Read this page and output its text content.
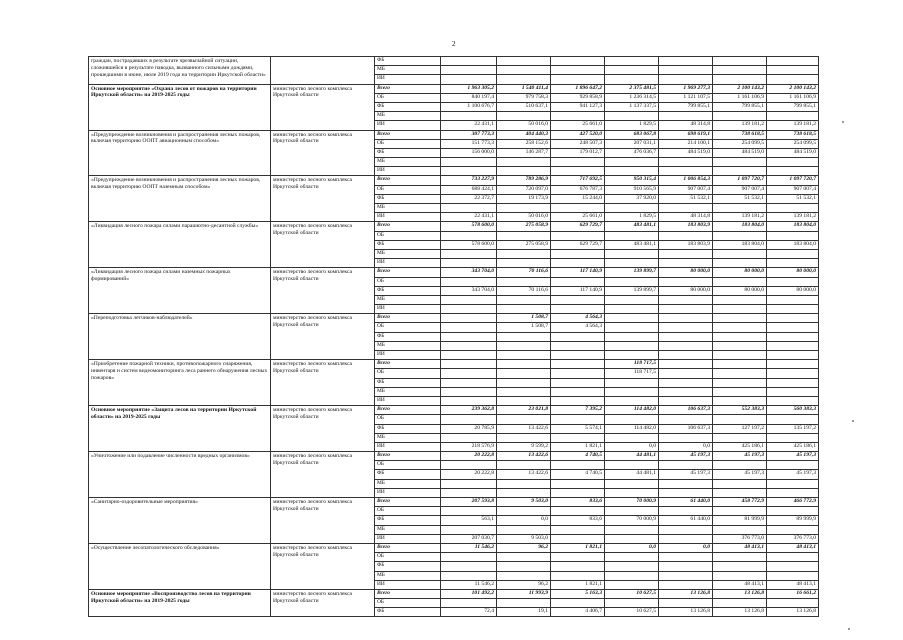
2
граждан, пострадавших в результате чрезвычайной ситуации, сложившейся в результате паводка, вызванного сильными дождями, прошедшими в июне, июле 2019 года на территории Иркутской области»		ФБ							
		МБ							
		ИИ							
Основное мероприятие «Охрана лесов от пожаров на территории Иркутской области» на 2019-2025 годы	министерство лесного комплекса Иркутской области	Всего	1 963 305,2	1 540 411,4	1 896 647,2	2 375 481,5	1 969 277,3	2 100 143,2	2 100 143,2
		ОБ	840 197,4	979 758,3	929 858,9	1 236 314,5	1 121 107,5	1 161 106,9	1 161 106,9
		ФБ	1 100 676,7	510 637,1	941 127,3	1 137 337,5	799 855,1	799 855,1	799 855,1
		МБ							
		ИИ	22 431,1	50 016,0	25 661,0	1 829,5	48 314,8	139 181,2	139 181,2
«Предупреждение возникновения и распространения лесных пожаров, включая территорию ООПТ авиационным способом»	министерство лесного комплекса Иркутской области	Всего	307 773,3	404 440,3	427 520,0	683 067,8	698 619,1	738 618,5	738 618,5
		ОБ	151 773,3	258 152,6	248 507,3	207 031,1	214 100,1	254 099,5	254 099,5
		ФБ	156 000,0	146 287,7	179 012,7	476 036,7	484 519,0	484 519,0	484 519,0
		МБ							
		ИИ							
«Предупреждение возникновения и распространения лесных пожаров, включая территорию ООПТ наземным способом»	министерство лесного комплекса Иркутской области	Всего	733 227,9	789 286,9	717 692,5	950 315,4	1 006 854,3	1 097 720,7	1 097 720,7
		ОБ	688 424,1	720 097,0	676 787,3	910 565,9	907 007,4	907 007,4	907 007,4
		ФБ	22 372,7	19 173,9	15 244,0	37 920,0	51 532,1	51 532,1	51 532,1
		МБ							
		ИИ	22 431,1	50 016,0	25 661,0	1 829,5	48 314,8	139 181,2	139 181,2
«Ликвидация лесного пожара силами парашютно-десантной службы»	министерство лесного комплекса Иркутской области	Всего	578 600,0	275 058,9	629 729,7	483 481,1	183 803,9	183 804,0	183 804,0
		ОБ							
		ФБ	578 600,0	275 058,9	629 729,7	483 481,1	183 803,9	183 804,0	183 804,0
		МБ							
		ИИ							
«Ликвидация лесного пожара силами наземных пожарных формирований»	министерство лесного комплекса Иркутской области	Всего	343 704,0	70 116,6	117 140,9	139 899,7	80 000,0	80 000,0	80 000,0
		ОБ							
		ФБ	343 704,0	70 116,6	117 140,9	139 899,7	80 000,0	80 000,0	80 000,0
		МБ							
		ИИ							
«Переподготовка летчиков-наблюдателей»	министерство лесного комплекса Иркутской области	Всего		1 508,7	4 564,3				
		ОБ		1 508,7	4 564,3				
		ФБ							
		МБ							
		ИИ							
«Приобретение пожарной техники, противопожарного снаряжения, инвентаря и систем видеомониторинга леса раннего обнаружения лесных пожаров»	министерство лесного комплекса Иркутской области	Всего				118 717,5			
		ОБ				118 717,5			
		ФБ							
		МБ							
		ИИ							
Основное мероприятие «Защита лесов на территории Иркутской области» на 2019-2025 годы	министерство лесного комплекса Иркутской области	Всего	239 362,8	23 021,8	7 395,2	114 482,0	106 637,3	552 383,3	560 383,3
		ОБ							
		ФБ	20 785,9	13 422,6	5 574,1	114 482,0	106 637,3	127 197,2	135 197,2
		МБ							
		ИИ	218 576,9	9 599,2	1 821,1	0,0	0,0	425 186,1	425 186,1
«Уничтожение или подавление численности вредных организмов»	министерство лесного комплекса Иркутской области	Всего	20 222,8	13 422,6	4 740,5	44 481,1	45 197,3	45 197,3	45 197,3
		ОБ							
		ФБ	20 222,8	13 422,6	4 740,5	44 481,1	45 197,3	45 197,3	45 197,3
		МБ							
		ИИ							
«Санитарно-оздоровительные мероприятия»	министерство лесного комплекса Иркутской области	Всего	207 593,8	9 503,0	833,6	70 000,9	61 440,0	458 772,9	466 772,9
		ОБ							
		ФБ	563,1	0,0	833,6	70 000,9	61 440,0	81 999,9	89 999,9
		МБ							
		ИИ	207 030,7	9 503,0				376 773,0	376 773,0
«Осуществление лесопатологического обследования»	министерство лесного комплекса Иркутской области	Всего	11 546,2	96,2	1 821,1	0,0	0,0	48 413,1	48 413,1
		ОБ							
		ФБ							
		МБ							
		ИИ	11 546,2	96,2	1 821,1			48 413,1	48 413,1
Основное мероприятие «Воспроизводство лесов на территории Иркутской области» на 2019-2025 годы	министерство лесного комплекса Иркутской области	Всего	101 492,2	11 993,9	5 163,3	10 627,5	13 126,8	13 126,8	16 661,2
		ОБ							
		ФБ	72,4	19,1	4 406,7	10 627,5	13 126,8	13 126,8	13 126,8
